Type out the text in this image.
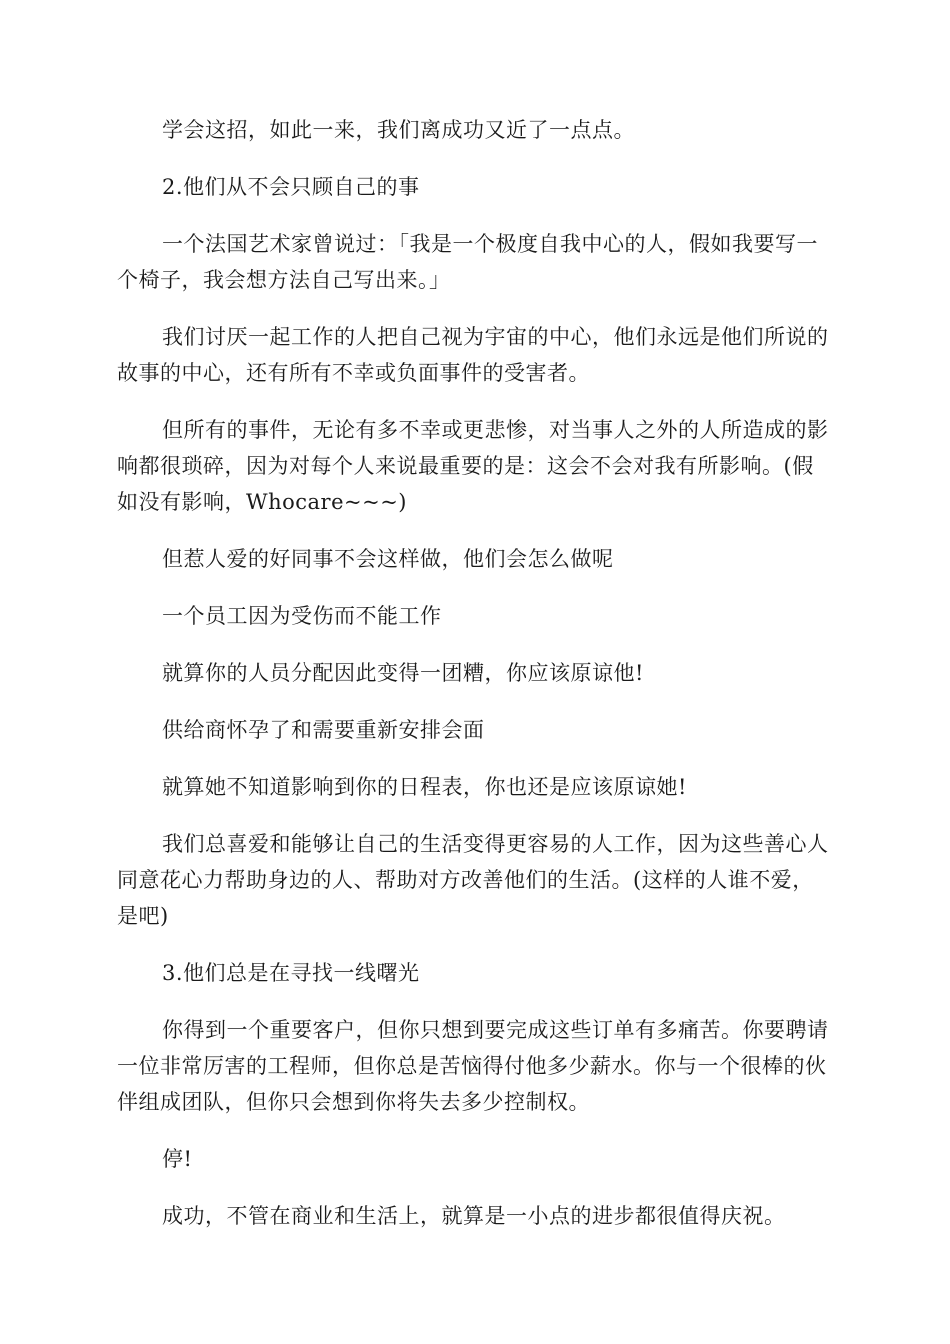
学会这招，如此一来，我们离成功又近了一点点。

2.他们从不会只顾自己的事

一个法国艺术家曾说过：「我是一个极度自我中心的人，假如我要写一个椅子，我会想方法自己写出来。」

我们讨厌一起工作的人把自己视为宇宙的中心，他们永远是他们所说的故事的中心，还有所有不幸或负面事件的受害者。

但所有的事件，无论有多不幸或更悲惨，对当事人之外的人所造成的影响都很琐碎，因为对每个人来说最重要的是：这会不会对我有所影响。(假如没有影响，Whocare~~~)

但惹人爱的好同事不会这样做，他们会怎么做呢

一个员工因为受伤而不能工作

就算你的人员分配因此变得一团糟，你应该原谅他!

供给商怀孕了和需要重新安排会面

就算她不知道影响到你的日程表，你也还是应该原谅她!

我们总喜爱和能够让自己的生活变得更容易的人工作，因为这些善心人同意花心力帮助身边的人、帮助对方改善他们的生活。(这样的人谁不爱，是吧)

3.他们总是在寻找一线曙光

你得到一个重要客户，但你只想到要完成这些订单有多痛苦。你要聘请一位非常厉害的工程师，但你总是苦恼得付他多少薪水。你与一个很棒的伙伴组成团队，但你只会想到你将失去多少控制权。

停!

成功，不管在商业和生活上，就算是一小点的进步都很值得庆祝。
